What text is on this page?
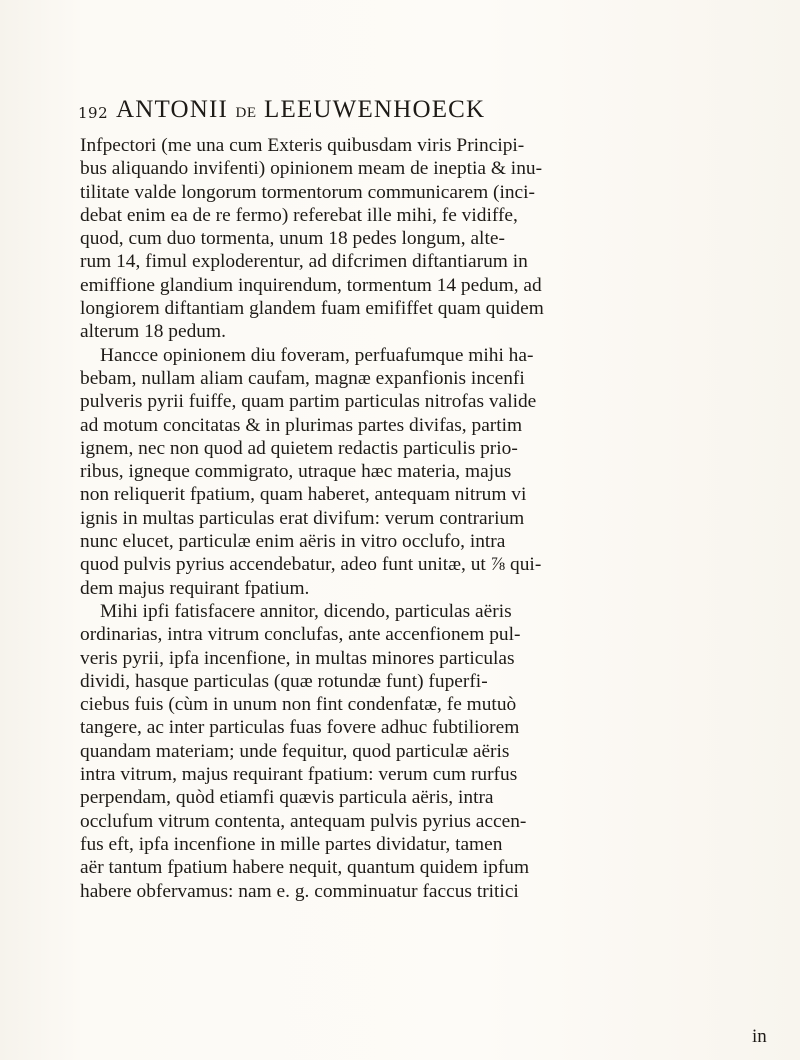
192 ANTONII DE LEEUWENHOECK
Infpectori (me una cum Exteris quibusdam viris Principi-
bus aliquando invifenti) opinionem meam de ineptia & inu-
tilitate valde longorum tormentorum communicarem (inci-
debat enim ea de re fermo) referebat ille mihi, fe vidiffe,
quod, cum duo tormenta, unum 18 pedes longum, alte-
rum 14, fimul exploderentur, ad difcrimen diftantiarum in
emiffione glandium inquirendum, tormentum 14 pedum, ad
longiorem diftantiam glandem fuam emififfet quam quidem
alterum 18 pedum.
Hancce opinionem diu foveram, perfuafumque mihi ha-
bebam, nullam aliam caufam, magnæ expanfionis incenfi
pulveris pyrii fuiffe, quam partim particulas nitrofas valide
ad motum concitatas & in plurimas partes divifas, partim
ignem, nec non quod ad quietem redactis particulis prio-
ribus, igneque commigrato, utraque hæc materia, majus
non reliquerit fpatium, quam haberet, antequam nitrum vi
ignis in multas particulas erat divifum: verum contrarium
nunc elucet, particulæ enim aëris in vitro occlufo, intra
quod pulvis pyrius accendebatur, adeo funt unitæ, ut ⅞ qui-
dem majus requirant fpatium.
Mihi ipfi fatisfacere annitor, dicendo, particulas aëris
ordinarias, intra vitrum conclufas, ante accenfionem pul-
veris pyrii, ipfa incenfione, in multas minores particulas
dividi, hasque particulas (quæ rotundæ funt) fuperfi-
ciebus fuis (cùm in unum non fint condenfatæ, fe mutuò
tangere, ac inter particulas fuas fovere adhuc fubtiliorem
quandam materiam; unde fequitur, quod particulæ aëris
intra vitrum, majus requirant fpatium: verum cum rurfus
perpendam, quòd etiamfi quævis particula aëris, intra
occlufum vitrum contenta, antequam pulvis pyrius accen-
fus eft, ipfa incenfione in mille partes dividatur, tamen
aër tantum fpatium habere nequit, quantum quidem ipfum
habere obfervamus: nam e. g. comminuatur faccus tritici
in
